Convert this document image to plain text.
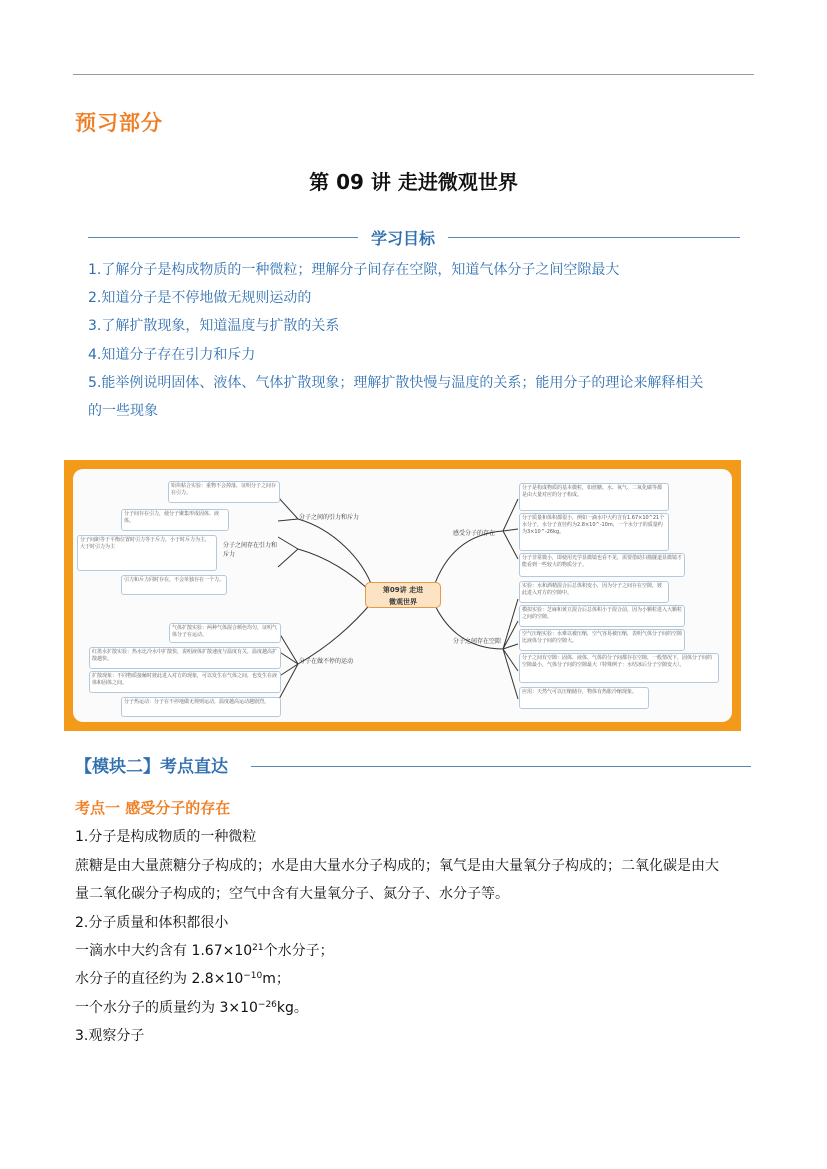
预习部分
第 09 讲 走进微观世界
学习目标
1.了解分子是构成物质的一种微粒；理解分子间存在空隙，知道气体分子之间空隙最大
2.知道分子是不停地做无规则运动的
3.了解扩散现象，知道温度与扩散的关系
4.知道分子存在引力和斥力
5.能举例说明固体、液体、气体扩散现象；理解扩散快慢与温度的关系；能用分子的理论来解释相关
的一些现象
第09讲 走进
微观世界
分子之间的引力和斥力
感受分子的存在
分子在做不停的运动
分子之间存在空隙
分子之间存在引力和斥力
铅块粘合实验：重物不会掉落，证明分子之间存在引力。
分子间存在引力，使分子聚集形成固体、液体。
分子间距等于平衡位置时引力等于斥力，小于时斥力为主，大于时引力为主
引力和斥力同时存在，不会单独存在一个力。
气体扩散实验：两种气体混合颜色均匀，证明气体分子在运动。
红墨水扩散实验：热水比冷水中扩散快，说明液体扩散速度与温度有关，温度越高扩散越快。
扩散现象：不同物质接触时彼此进入对方的现象，可以发生在气体之间，也发生在液体和固体之间。
分子热运动：分子在不停地做无规则运动，温度越高运动越剧烈。
分子是构成物质的基本微粒，如蔗糖、水、氧气、二氧化碳等都是由大量对应的分子构成。
分子质量和体积都很小，例如一滴水中大约含有1.67×10^21个水分子，水分子直径约为2.8×10^-10m，一个水分子的质量约为3×10^-26kg。
分子非常微小，即使用光学显微镜也看不见，需要借助扫描隧道显微镜才能看到一些较大的物质分子。
实验：水和酒精混合后总体积变小，因为分子之间存在空隙，彼此进入对方的空隙中。
模拟实验：芝麻和黄豆混合后总体积小于混合前，因为小颗粒进入大颗粒之间的空隙。
空气压缩实验：水难以被压缩，空气容易被压缩，表明气体分子间的空隙比液体分子间的空隙大。
分子之间有空隙：固体、液体、气体的分子间都存在空隙，一般情况下，固体分子间的空隙最小，气体分子间的空隙最大（特殊例子：水结冰后分子空隙变大）。
应用：天然气可以压缩储存，物体有热胀冷缩现象。
【模块二】考点直达
考点一 感受分子的存在
1.分子是构成物质的一种微粒
蔗糖是由大量蔗糖分子构成的；水是由大量水分子构成的；氧气是由大量氧分子构成的；二氧化碳是由大
量二氧化碳分子构成的；空气中含有大量氧分子、氮分子、水分子等。
2.分子质量和体积都很小
一滴水中大约含有 $1.67\times 10^{21}$个水分子；
水分子的直径约为 $2.8\times 10^{-10}m$；
一个水分子的质量约为 $3\times 10^{-26}kg$。
3.观察分子
